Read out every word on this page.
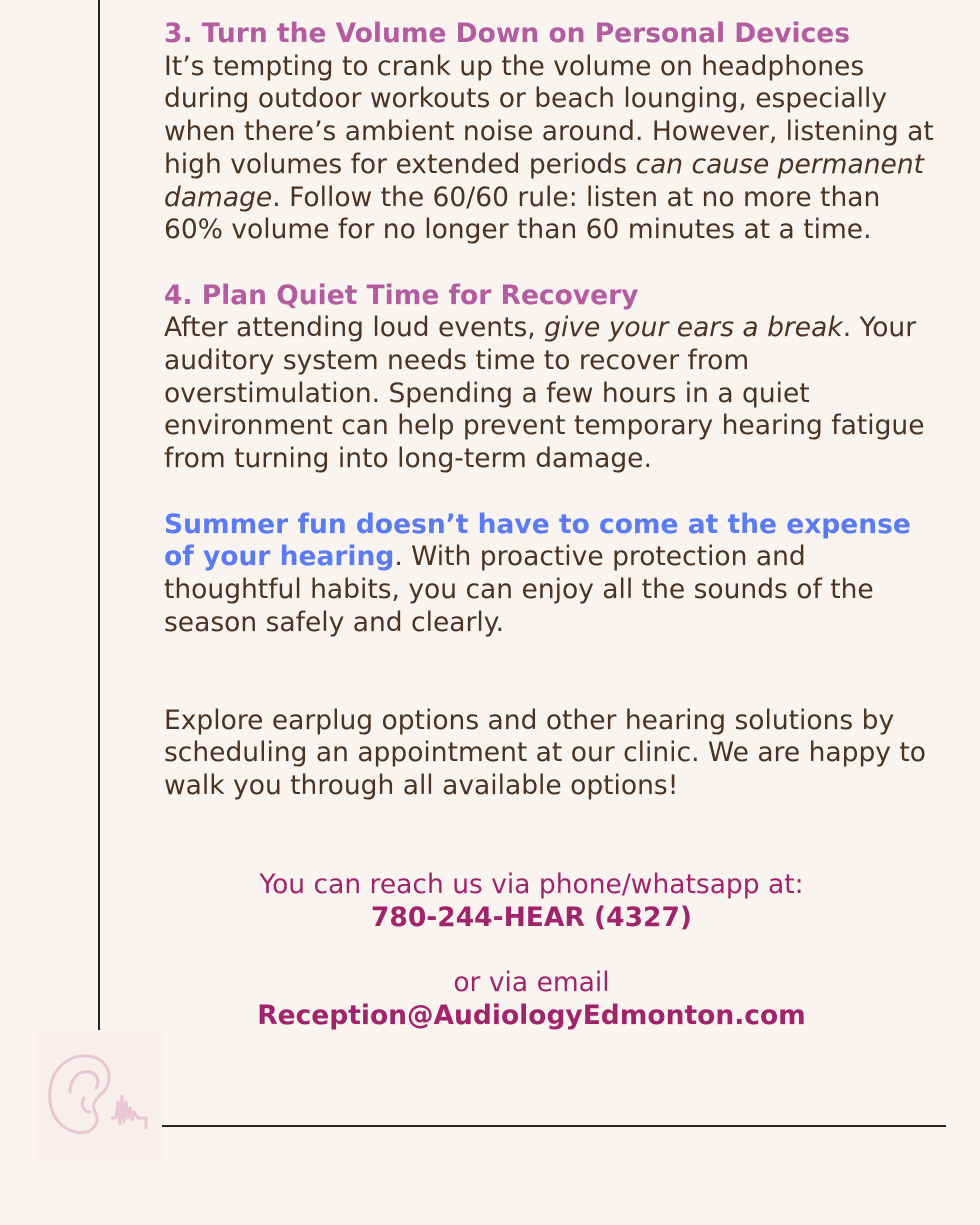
3. Turn the Volume Down on Personal Devices

It’s tempting to crank up the volume on headphones during outdoor workouts or beach lounging, especially when there’s ambient noise around. However, listening at high volumes for extended periods can cause permanent damage. Follow the 60/60 rule: listen at no more than 60% volume for no longer than 60 minutes at a time.

4. Plan Quiet Time for Recovery

After attending loud events, give your ears a break. Your auditory system needs time to recover from overstimulation. Spending a few hours in a quiet environment can help prevent temporary hearing fatigue from turning into long-term damage.

Summer fun doesn’t have to come at the expense of your hearing. With proactive protection and thoughtful habits, you can enjoy all the sounds of the season safely and clearly.

Explore earplug options and other hearing solutions by scheduling an appointment at our clinic. We are happy to walk you through all available options!

You can reach us via phone/whatsapp at:
780-244-HEAR (4327)
or via email
Reception@AudiologyEdmonton.com
